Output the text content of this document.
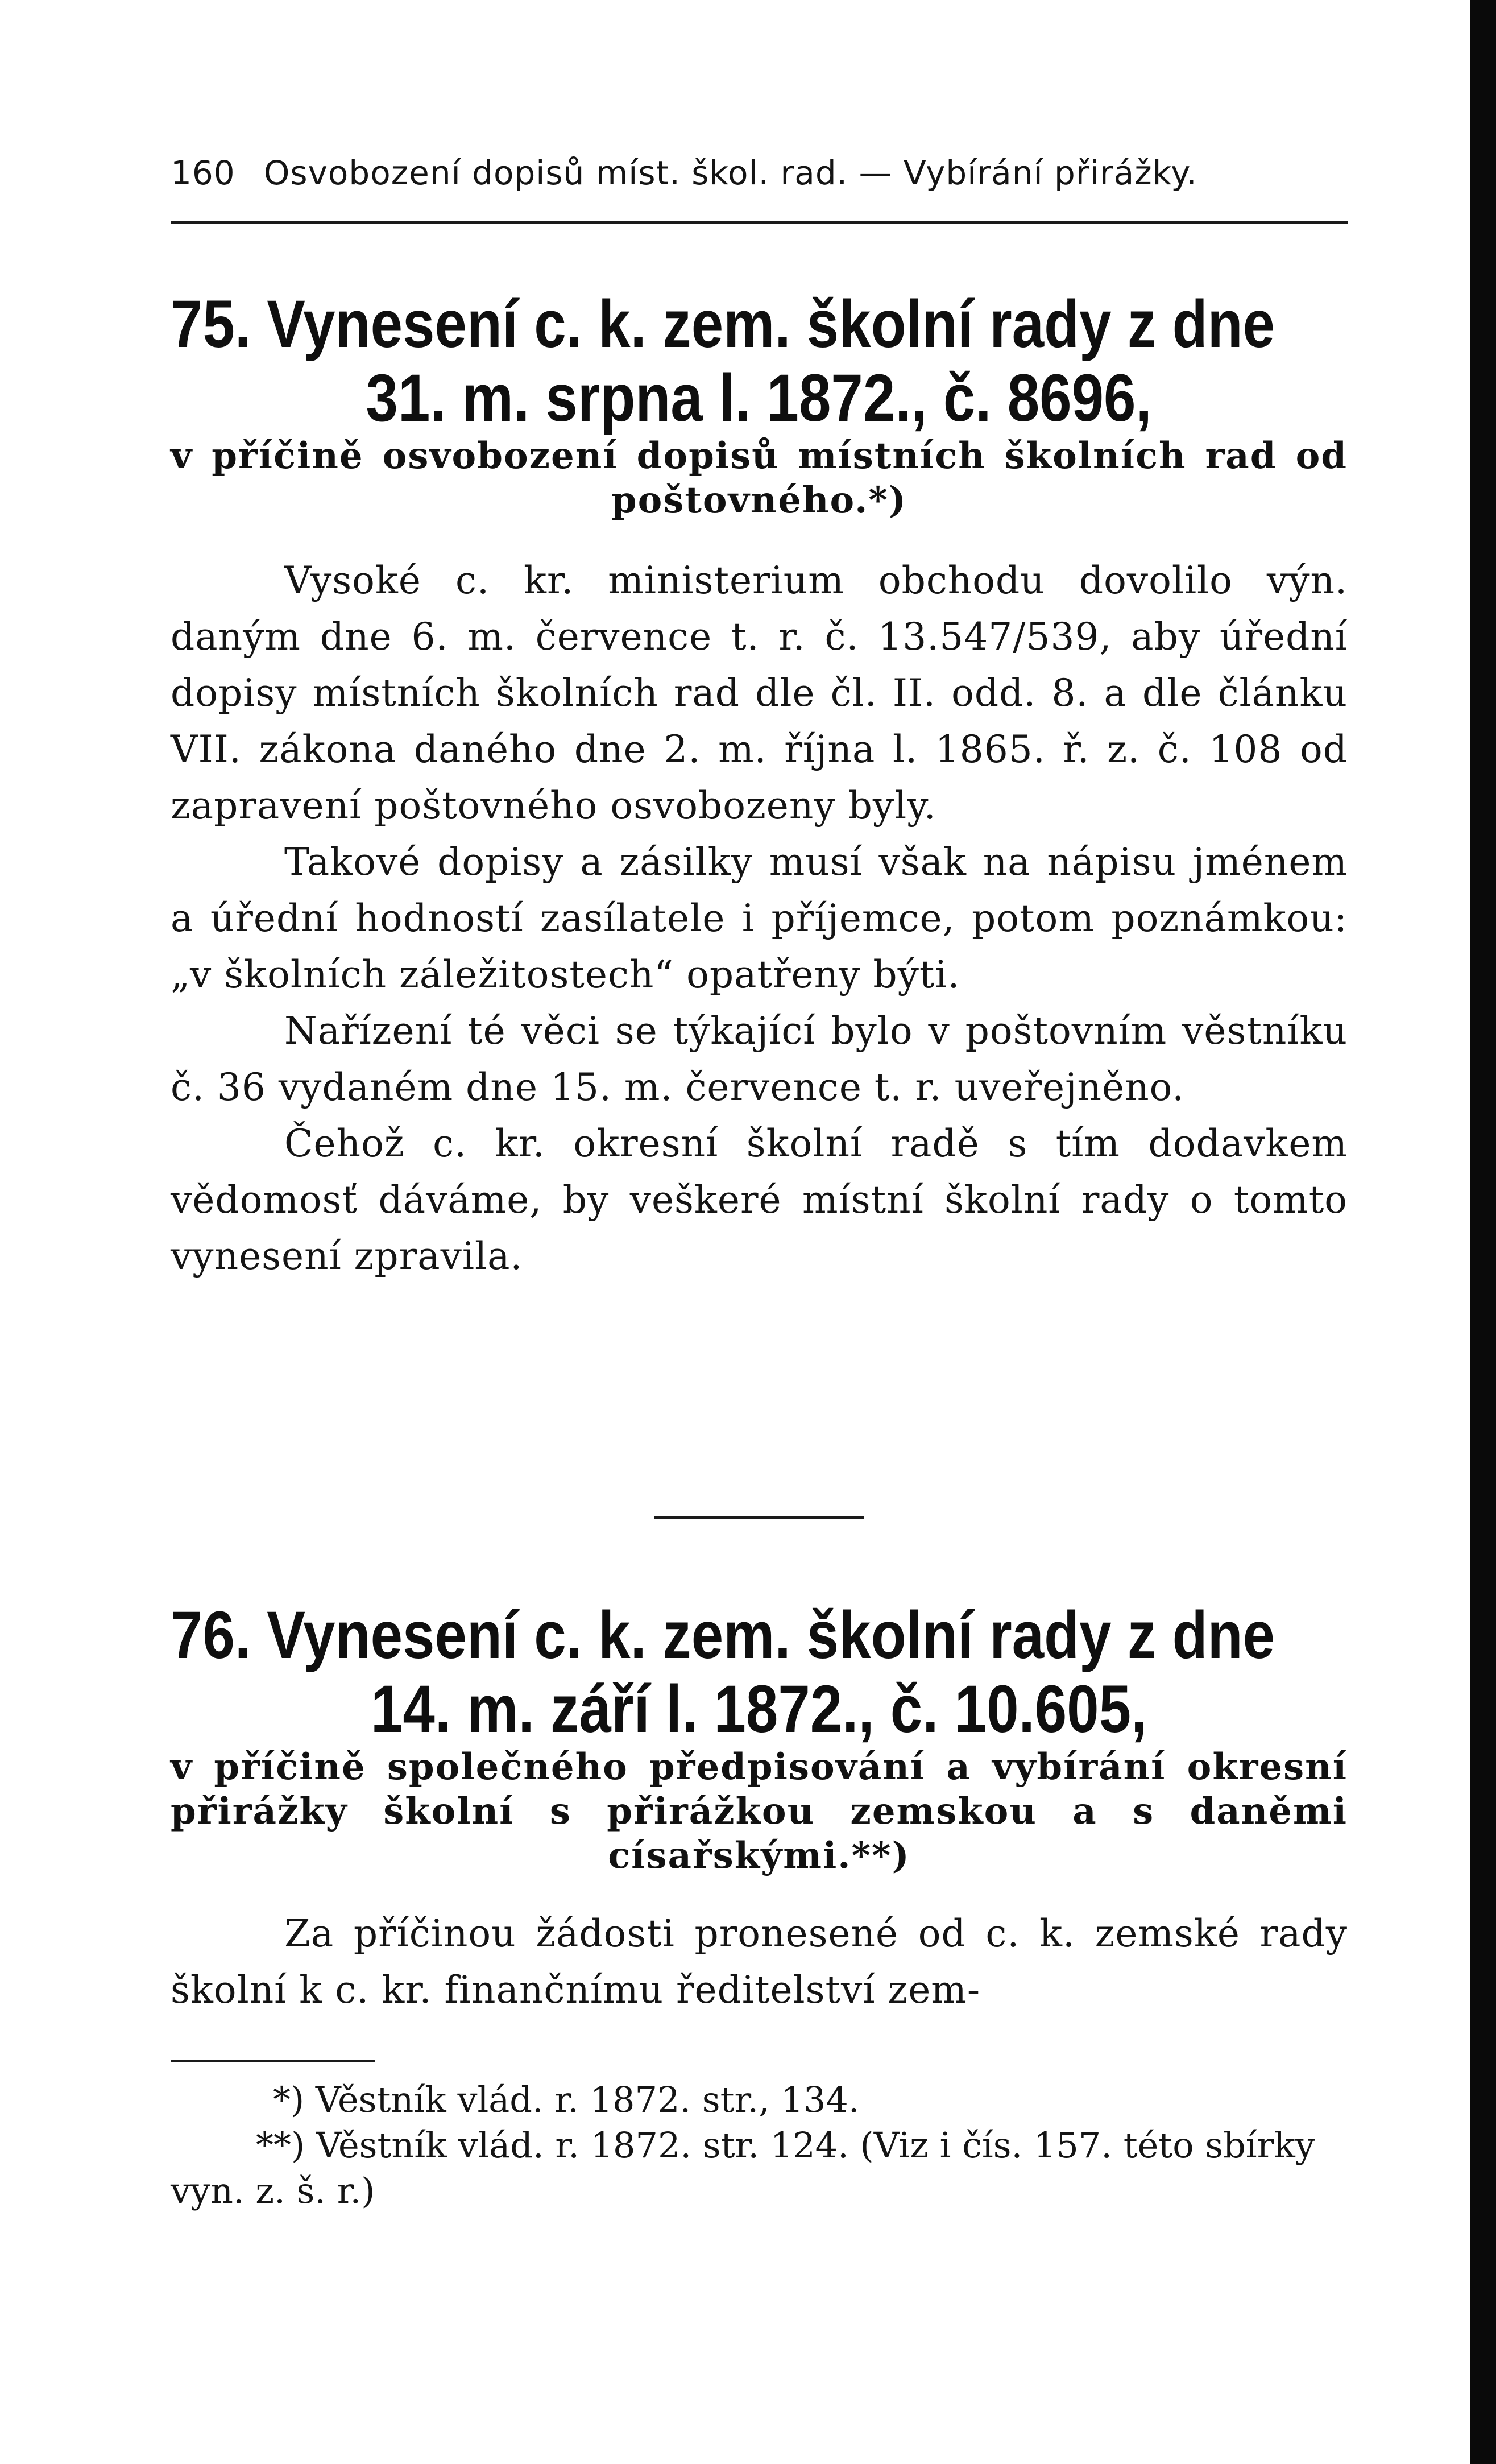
160 Osvobození dopisů míst. škol. rad. — Vybírání přirážky.
75. Vynesení c. k. zem. školní rady z dne
31. m. srpna l. 1872., č. 8696,
v příčině osvobození dopisů místních školních rad od poštovného.*)

Vysoké c. kr. ministerium obchodu dovolilo výn. daným dne 6. m. července t. r. č. 13.547/539, aby úřední dopisy místních školních rad dle čl. II. odd. 8. a dle článku VII. zákona daného dne 2. m. října l. 1865. ř. z. č. 108 od zapravení poštovného osvobozeny byly.

Takové dopisy a zásilky musí však na nápisu jménem a úřední hodností zasílatele i příjemce, potom poznámkou: „v školních záležitostech“ opatřeny býti.

Nařízení té věci se týkající bylo v poštovním věstníku č. 36 vydaném dne 15. m. července t. r. uveřejněno.

Čehož c. kr. okresní školní radě s tím dodavkem vědomosť dáváme, by veškeré místní školní rady o tomto vynesení zpravila.

76. Vynesení c. k. zem. školní rady z dne
14. m. září l. 1872., č. 10.605,
v příčině společného předpisování a vybírání okresní přirážky školní s přirážkou zemskou a s daněmi císařskými.**)

Za příčinou žádosti pronesené od c. k. zemské rady školní k c. kr. finančnímu ředitelství zem-

*) Věstník vlád. r. 1872. str., 134.

**) Věstník vlád. r. 1872. str. 124. (Viz i čís. 157. této sbírky vyn. z. š. r.)
